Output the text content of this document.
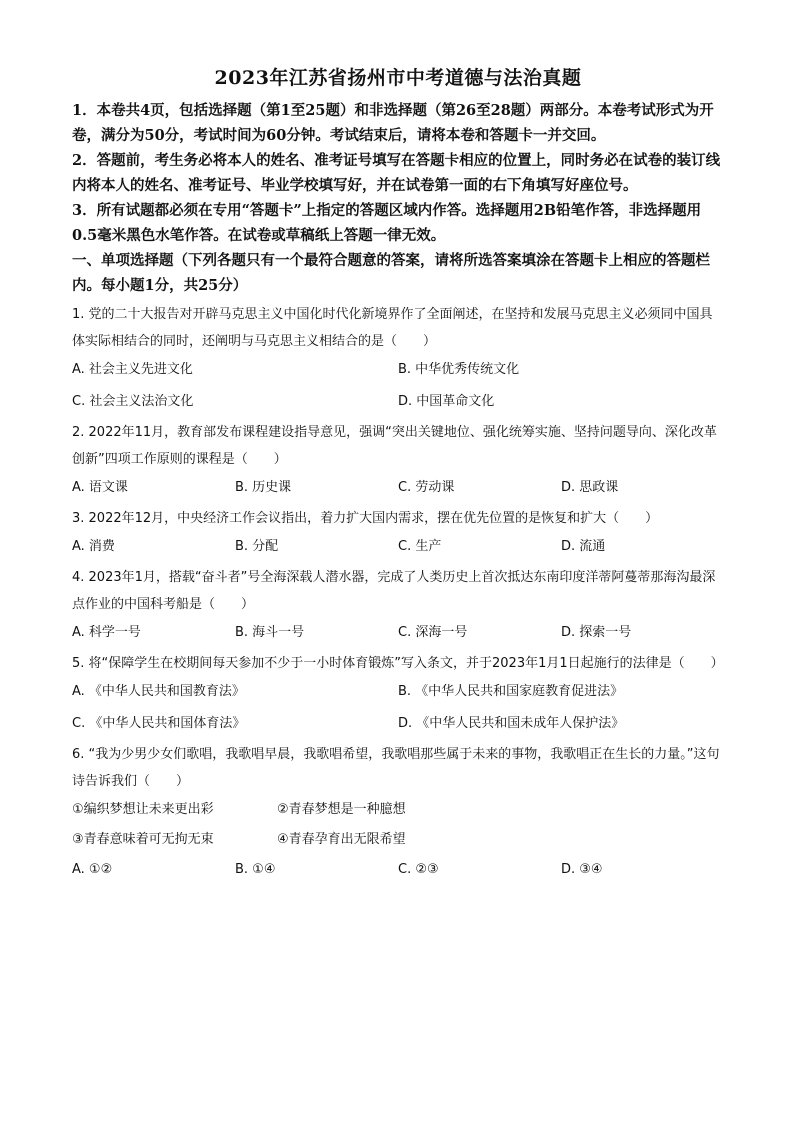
2023年江苏省扬州市中考道德与法治真题

1．本卷共4页，包括选择题（第1至25题）和非选择题（第26至28题）两部分。本卷考试形式为开卷，满分为50分，考试时间为60分钟。考试结束后，请将本卷和答题卡一并交回。

2．答题前，考生务必将本人的姓名、准考证号填写在答题卡相应的位置上，同时务必在试卷的装订线内将本人的姓名、准考证号、毕业学校填写好，并在试卷第一面的右下角填写好座位号。

3．所有试题都必须在专用“答题卡”上指定的答题区域内作答。选择题用2B铅笔作答，非选择题用0.5毫米黑色水笔作答。在试卷或草稿纸上答题一律无效。

一、单项选择题（下列各题只有一个最符合题意的答案，请将所选答案填涂在答题卡上相应的答题栏内。每小题1分，共25分）

1. 党的二十大报告对开辟马克思主义中国化时代化新境界作了全面阐述，在坚持和发展马克思主义必须同中国具体实际相结合的同时，还阐明与马克思主义相结合的是（　　）

A. 社会主义先进文化	B. 中华优秀传统文化
C. 社会主义法治文化	D. 中国革命文化

2. 2022年11月，教育部发布课程建设指导意见，强调“突出关键地位、强化统筹实施、坚持问题导向、深化改革创新”四项工作原则的课程是（　　）

A. 语文课	B. 历史课	C. 劳动课	D. 思政课

3. 2022年12月，中央经济工作会议指出，着力扩大国内需求，摆在优先位置的是恢复和扩大（　　）

A. 消费	B. 分配	C. 生产	D. 流通

4. 2023年1月，搭载“奋斗者”号全海深载人潜水器，完成了人类历史上首次抵达东南印度洋蒂阿蔓蒂那海沟最深点作业的中国科考船是（　　）

A. 科学一号	B. 海斗一号	C. 深海一号	D. 探索一号

5. 将“保障学生在校期间每天参加不少于一小时体育锻炼”写入条文，并于2023年1月1日起施行的法律是（　　）

A. 《中华人民共和国教育法》	B. 《中华人民共和国家庭教育促进法》
C. 《中华人民共和国体育法》	D. 《中华人民共和国未成年人保护法》

6. “我为少男少女们歌唱，我歌唱早晨，我歌唱希望，我歌唱那些属于未来的事物，我歌唱正在生长的力量。”这句诗告诉我们（　　）

①编织梦想让未来更出彩	②青春梦想是一种臆想
③青春意味着可无拘无束	④青春孕育出无限希望
A. ①②	B. ①④	C. ②③	D. ③④
